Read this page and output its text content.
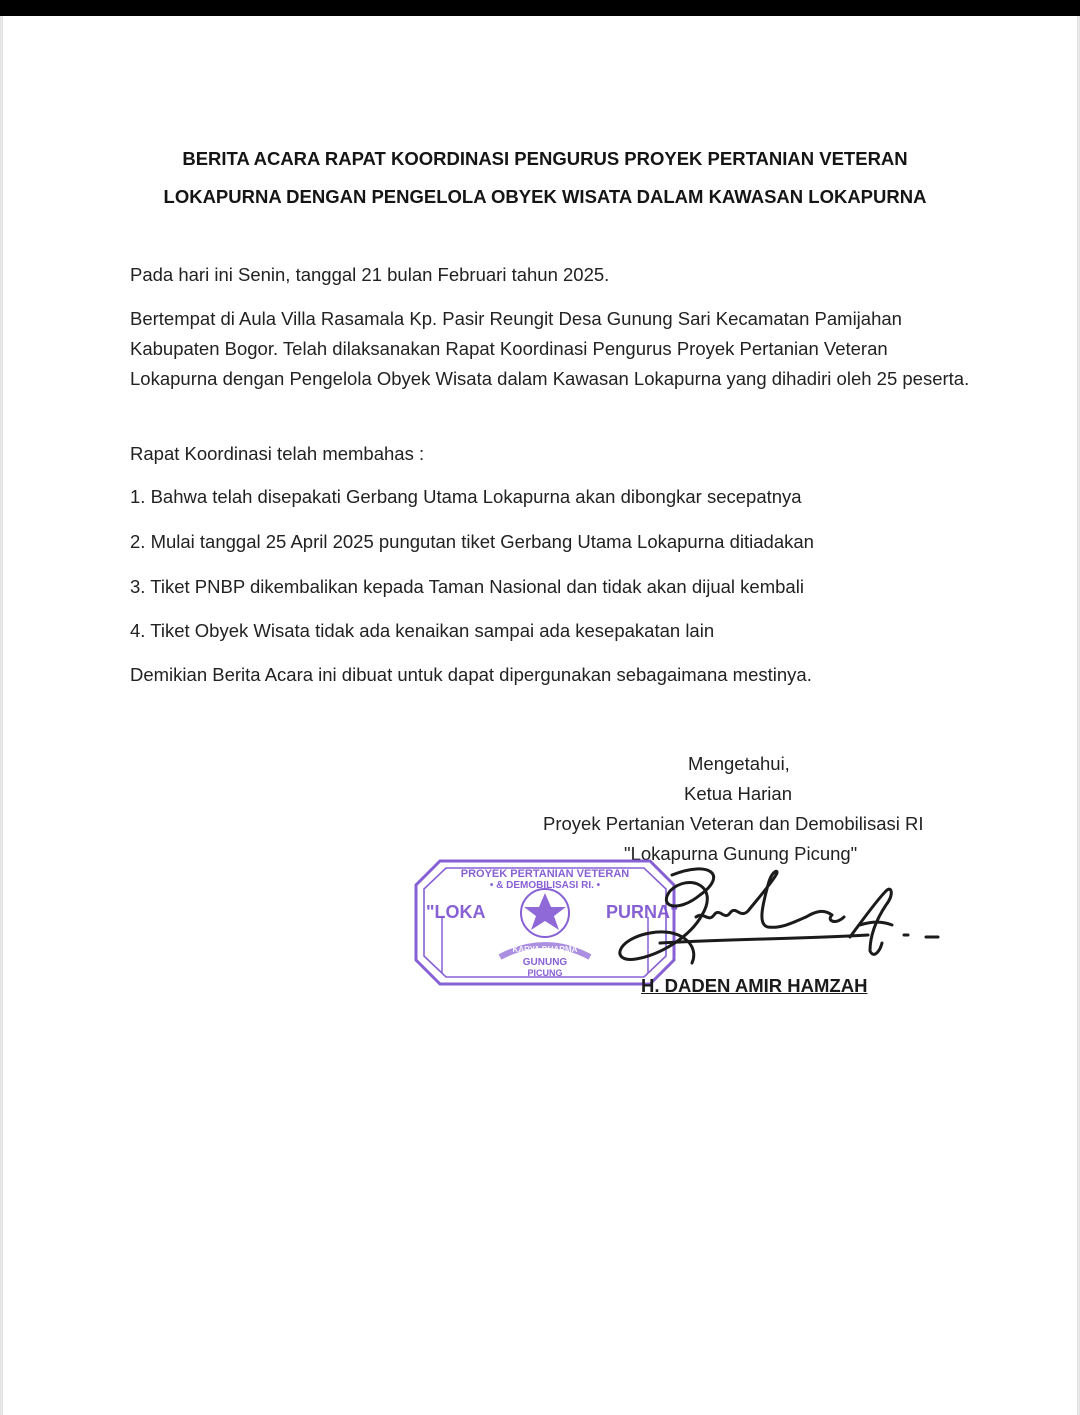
BERITA ACARA RAPAT KOORDINASI PENGURUS PROYEK PERTANIAN VETERAN
LOKAPURNA DENGAN PENGELOLA OBYEK WISATA DALAM KAWASAN LOKAPURNA
Pada hari ini Senin, tanggal 21 bulan Februari tahun 2025.
Bertempat di Aula Villa Rasamala Kp. Pasir Reungit Desa Gunung Sari Kecamatan Pamijahan Kabupaten Bogor. Telah dilaksanakan Rapat Koordinasi Pengurus Proyek Pertanian Veteran Lokapurna dengan Pengelola Obyek Wisata dalam Kawasan Lokapurna yang dihadiri oleh 25 peserta.
Rapat Koordinasi telah membahas :
1. Bahwa telah disepakati Gerbang Utama Lokapurna akan dibongkar secepatnya
2. Mulai tanggal 25 April 2025 pungutan tiket Gerbang Utama Lokapurna ditiadakan
3. Tiket PNBP dikembalikan kepada Taman Nasional dan tidak akan dijual kembali
4. Tiket Obyek Wisata tidak ada kenaikan sampai ada kesepakatan lain
Demikian Berita Acara ini dibuat untuk dapat dipergunakan sebagaimana mestinya.
Mengetahui,
Ketua Harian
Proyek Pertanian Veteran dan Demobilisasi RI
"Lokapurna Gunung Picung"
PROYEK PERTANIAN VETERAN
• & DEMOBILISASI RI. •
"LOKA	PURNA"
KARYA DHARMA
GUNUNG
PICUNG
H. DADEN AMIR HAMZAH
